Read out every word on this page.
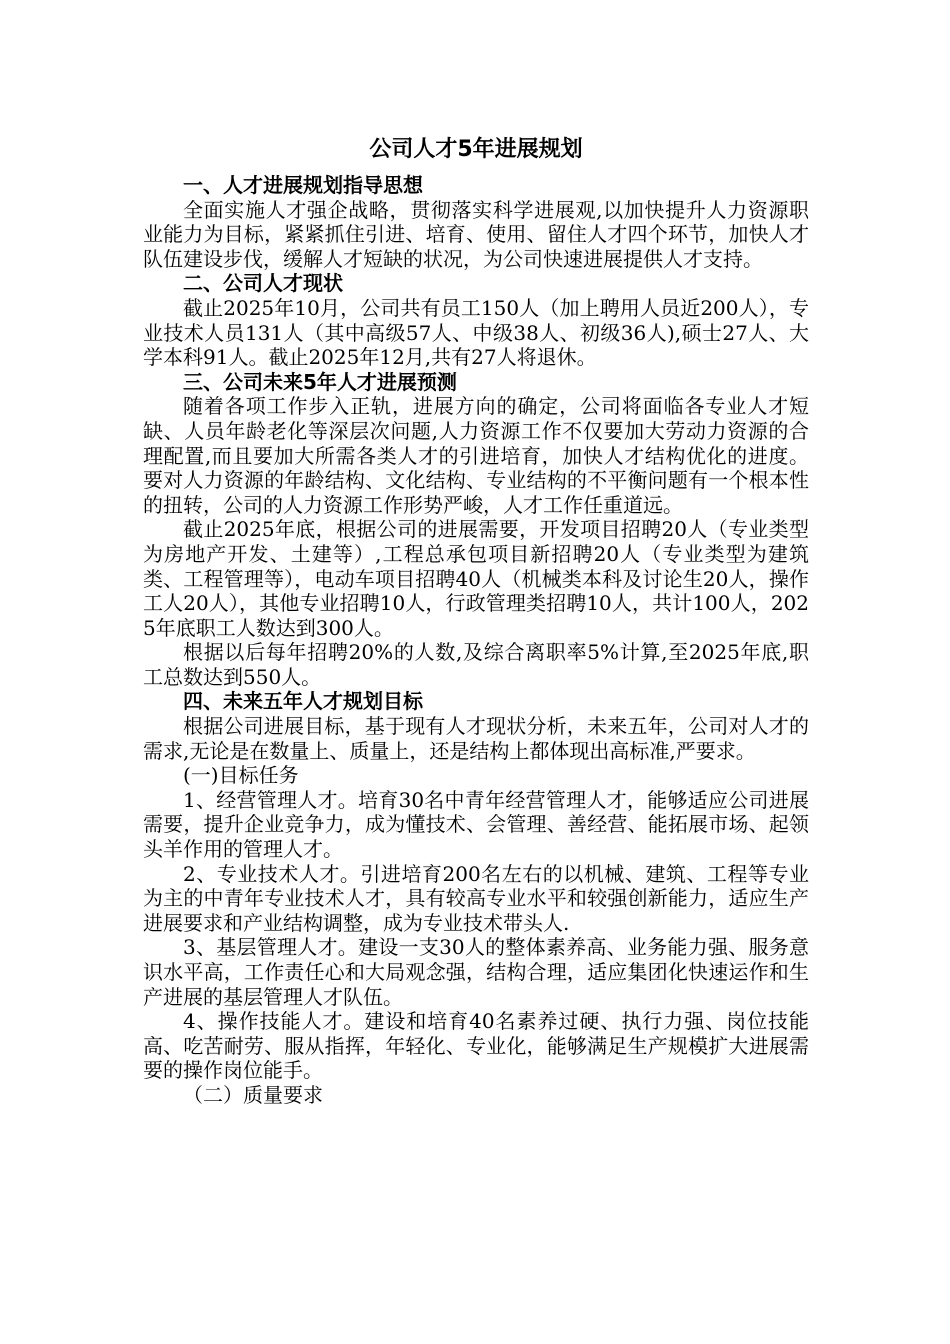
公司人才5年进展规划
一、人才进展规划指导思想
全面实施人才强企战略，贯彻落实科学进展观,以加快提升人力资源职业能力为目标，紧紧抓住引进、培育、使用、留住人才四个环节，加快人才队伍建设步伐，缓解人才短缺的状况，为公司快速进展提供人才支持。
二、公司人才现状
截止2025年10月，公司共有员工150人（加上聘用人员近200人），专业技术人员131人（其中高级57人、中级38人、初级36人),硕士27人、大学本科91人。截止2025年12月,共有27人将退休。
三、公司未来5年人才进展预测
随着各项工作步入正轨，进展方向的确定，公司将面临各专业人才短缺、人员年龄老化等深层次问题,人力资源工作不仅要加大劳动力资源的合理配置,而且要加大所需各类人才的引进培育，加快人才结构优化的进度。要对人力资源的年龄结构、文化结构、专业结构的不平衡问题有一个根本性的扭转，公司的人力资源工作形势严峻，人才工作任重道远。
截止2025年底，根据公司的进展需要，开发项目招聘20人（专业类型为房地产开发、土建等）,工程总承包项目新招聘20人（专业类型为建筑类、工程管理等），电动车项目招聘40人（机械类本科及讨论生20人，操作工人20人），其他专业招聘10人，行政管理类招聘10人，共计100人，2025年底职工人数达到300人。
根据以后每年招聘20%的人数,及综合离职率5%计算,至2025年底,职工总数达到550人。
四、未来五年人才规划目标
根据公司进展目标，基于现有人才现状分析，未来五年，公司对人才的需求,无论是在数量上、质量上，还是结构上都体现出高标准,严要求。
(一)目标任务
1、经营管理人才。培育30名中青年经营管理人才，能够适应公司进展需要，提升企业竞争力，成为懂技术、会管理、善经营、能拓展市场、起领头羊作用的管理人才。
2、专业技术人才。引进培育200名左右的以机械、建筑、工程等专业为主的中青年专业技术人才，具有较高专业水平和较强创新能力，适应生产进展要求和产业结构调整，成为专业技术带头人.
3、基层管理人才。建设一支30人的整体素养高、业务能力强、服务意识水平高，工作责任心和大局观念强，结构合理，适应集团化快速运作和生产进展的基层管理人才队伍。
4、操作技能人才。建设和培育40名素养过硬、执行力强、岗位技能高、吃苦耐劳、服从指挥，年轻化、专业化，能够满足生产规模扩大进展需要的操作岗位能手。
（二）质量要求
